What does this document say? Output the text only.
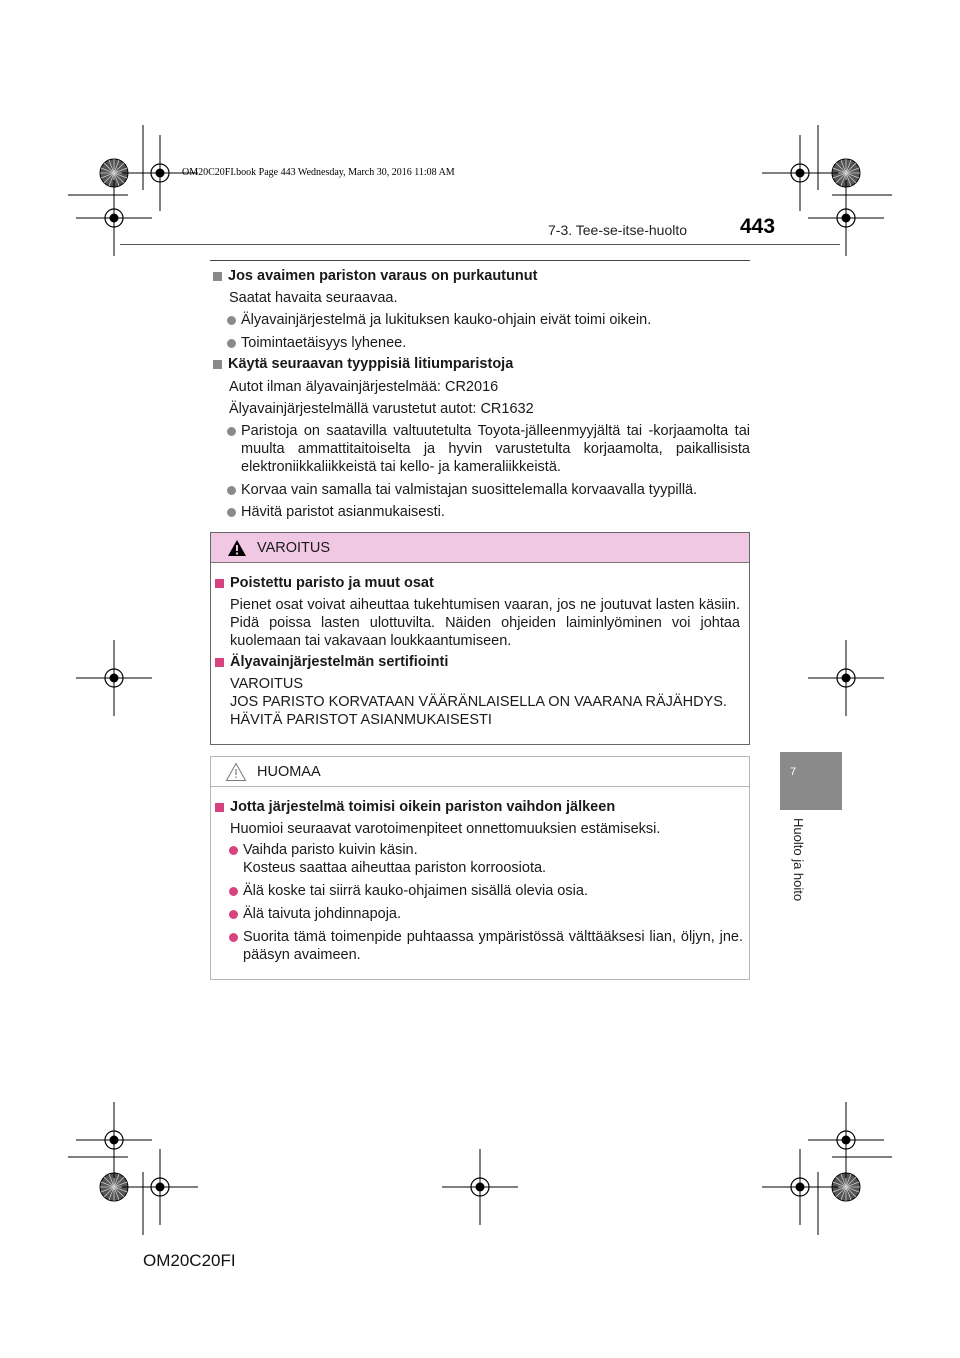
OM20C20FI.book Page 443 Wednesday, March 30, 2016 11:08 AM
7-3. Tee-se-itse-huolto	443
Jos avaimen pariston varaus on purkautunut
Saatat havaita seuraavaa.
Älyavainjärjestelmä ja lukituksen kauko-ohjain eivät toimi oikein.
Toimintaetäisyys lyhenee.
Käytä seuraavan tyyppisiä litiumparistoja
Autot ilman älyavainjärjestelmää: CR2016
Älyavainjärjestelmällä varustetut autot: CR1632
Paristoja on saatavilla valtuutetulta Toyota-jälleenmyyjältä tai -korjaamolta tai muulta ammattitaitoiselta ja hyvin varustetulta korjaamolta, paikallisista elektroniikkaliikkeistä tai kello- ja kameraliikkeistä.
Korvaa vain samalla tai valmistajan suosittelemalla korvaavalla tyypillä.
Hävitä paristot asianmukaisesti.
VAROITUS
Poistettu paristo ja muut osat
Pienet osat voivat aiheuttaa tukehtumisen vaaran, jos ne joutuvat lasten käsiin. Pidä poissa lasten ulottuvilta. Näiden ohjeiden laiminlyöminen voi johtaa kuolemaan tai vakavaan loukkaantumiseen.
Älyavainjärjestelmän sertifiointi
VAROITUS
JOS PARISTO KORVATAAN VÄÄRÄNLAISELLA ON VAARANA RÄJÄHDYS.
HÄVITÄ PARISTOT ASIANMUKAISESTI
HUOMAA
Jotta järjestelmä toimisi oikein pariston vaihdon jälkeen
Huomioi seuraavat varotoimenpiteet onnettomuuksien estämiseksi.
Vaihda paristo kuivin käsin.
Kosteus saattaa aiheuttaa pariston korroosiota.
Älä koske tai siirrä kauko-ohjaimen sisällä olevia osia.
Älä taivuta johdinnapoja.
Suorita tämä toimenpide puhtaassa ympäristössä välttääksesi lian, öljyn, jne. pääsyn avaimeen.
7
Huolto ja hoito
OM20C20FI
